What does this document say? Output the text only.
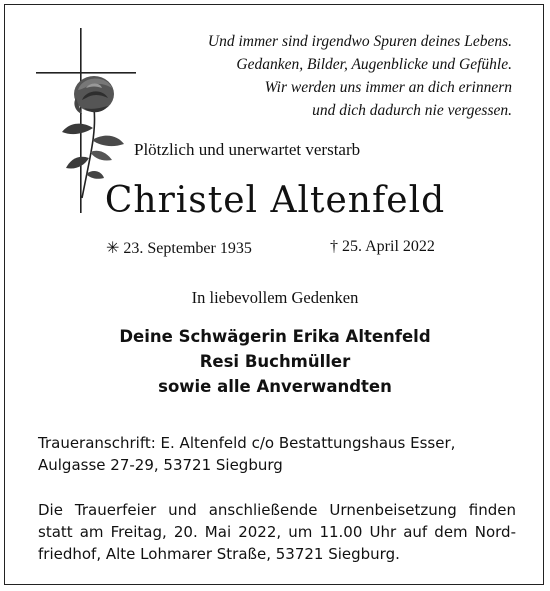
Und immer sind irgendwo Spuren deines Lebens.
Gedanken, Bilder, Augenblicke und Gefühle.
Wir werden uns immer an dich erinnern
und dich dadurch nie vergessen.
Plötzlich und unerwartet verstarb
Christel Altenfeld
✳ 23. September 1935	† 25. April 2022
In liebevollem Gedenken
Deine Schwägerin Erika Altenfeld
Resi Buchmüller
sowie alle Anverwandten
Traueranschrift: E. Altenfeld c/o Bestattungshaus Esser,
Aulgasse 27-29, 53721 Siegburg
Die Trauerfeier und anschließende Urnenbeisetzung finden
statt am Freitag, 20. Mai 2022, um 11.00 Uhr auf dem Nord-
friedhof, Alte Lohmarer Straße, 53721 Siegburg.
